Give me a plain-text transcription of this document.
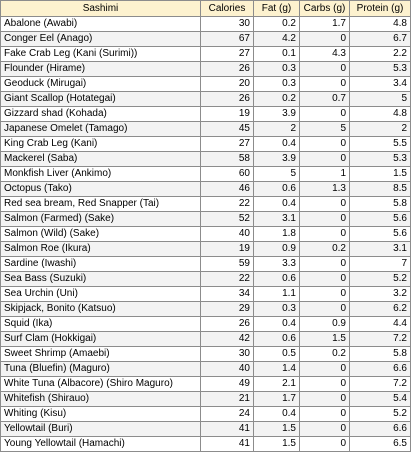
Sashimi	Calories	Fat (g)	Carbs (g)	Protein (g)
Abalone (Awabi)	30	0.2	1.7	4.8
Conger Eel (Anago)	67	4.2	0	6.7
Fake Crab Leg (Kani (Surimi))	27	0.1	4.3	2.2
Flounder (Hirame)	26	0.3	0	5.3
Geoduck (Mirugai)	20	0.3	0	3.4
Giant Scallop (Hotategai)	26	0.2	0.7	5
Gizzard shad (Kohada)	19	3.9	0	4.8
Japanese Omelet (Tamago)	45	2	5	2
King Crab Leg (Kani)	27	0.4	0	5.5
Mackerel (Saba)	58	3.9	0	5.3
Monkfish Liver (Ankimo)	60	5	1	1.5
Octopus (Tako)	46	0.6	1.3	8.5
Red sea bream, Red Snapper (Tai)	22	0.4	0	5.8
Salmon (Farmed) (Sake)	52	3.1	0	5.6
Salmon (Wild) (Sake)	40	1.8	0	5.6
Salmon Roe (Ikura)	19	0.9	0.2	3.1
Sardine (Iwashi)	59	3.3	0	7
Sea Bass (Suzuki)	22	0.6	0	5.2
Sea Urchin (Uni)	34	1.1	0	3.2
Skipjack, Bonito (Katsuo)	29	0.3	0	6.2
Squid (Ika)	26	0.4	0.9	4.4
Surf Clam (Hokkigai)	42	0.6	1.5	7.2
Sweet Shrimp (Amaebi)	30	0.5	0.2	5.8
Tuna (Bluefin) (Maguro)	40	1.4	0	6.6
White Tuna (Albacore) (Shiro Maguro)	49	2.1	0	7.2
Whitefish (Shirauo)	21	1.7	0	5.4
Whiting (Kisu)	24	0.4	0	5.2
Yellowtail (Buri)	41	1.5	0	6.6
Young Yellowtail (Hamachi)	41	1.5	0	6.5
